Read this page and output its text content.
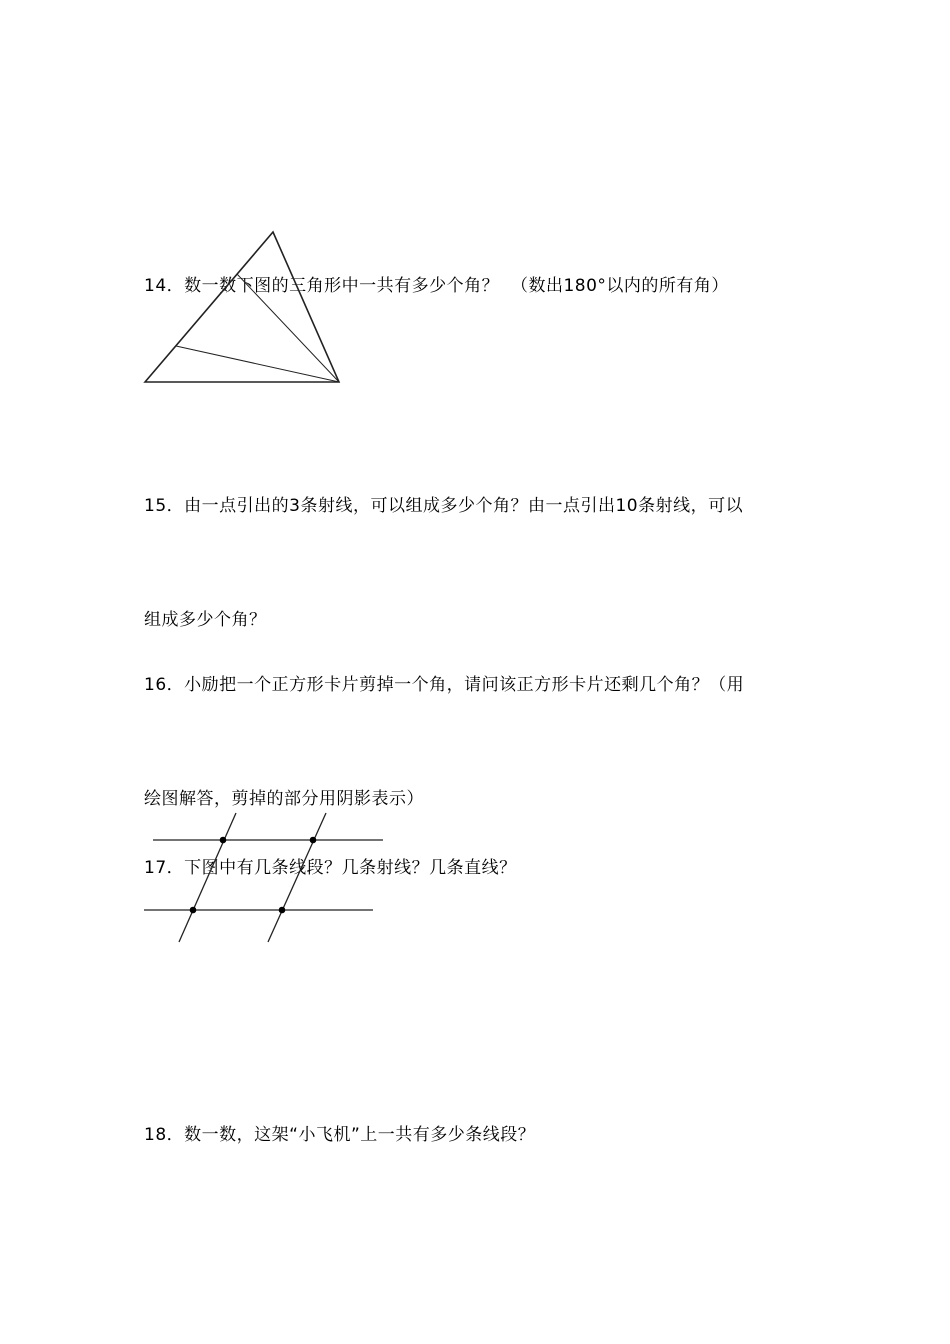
14．数一数下图的三角形中一共有多少个角？  （数出180°以内的所有角）

15．由一点引出的3条射线，可以组成多少个角？由一点引出10条射线，可以

组成多少个角？

16．小励把一个正方形卡片剪掉一个角，请问该正方形卡片还剩几个角？（用

绘图解答，剪掉的部分用阴影表示）

17．下图中有几条线段？几条射线？几条直线？

18．数一数，这架“小飞机”上一共有多少条线段？
